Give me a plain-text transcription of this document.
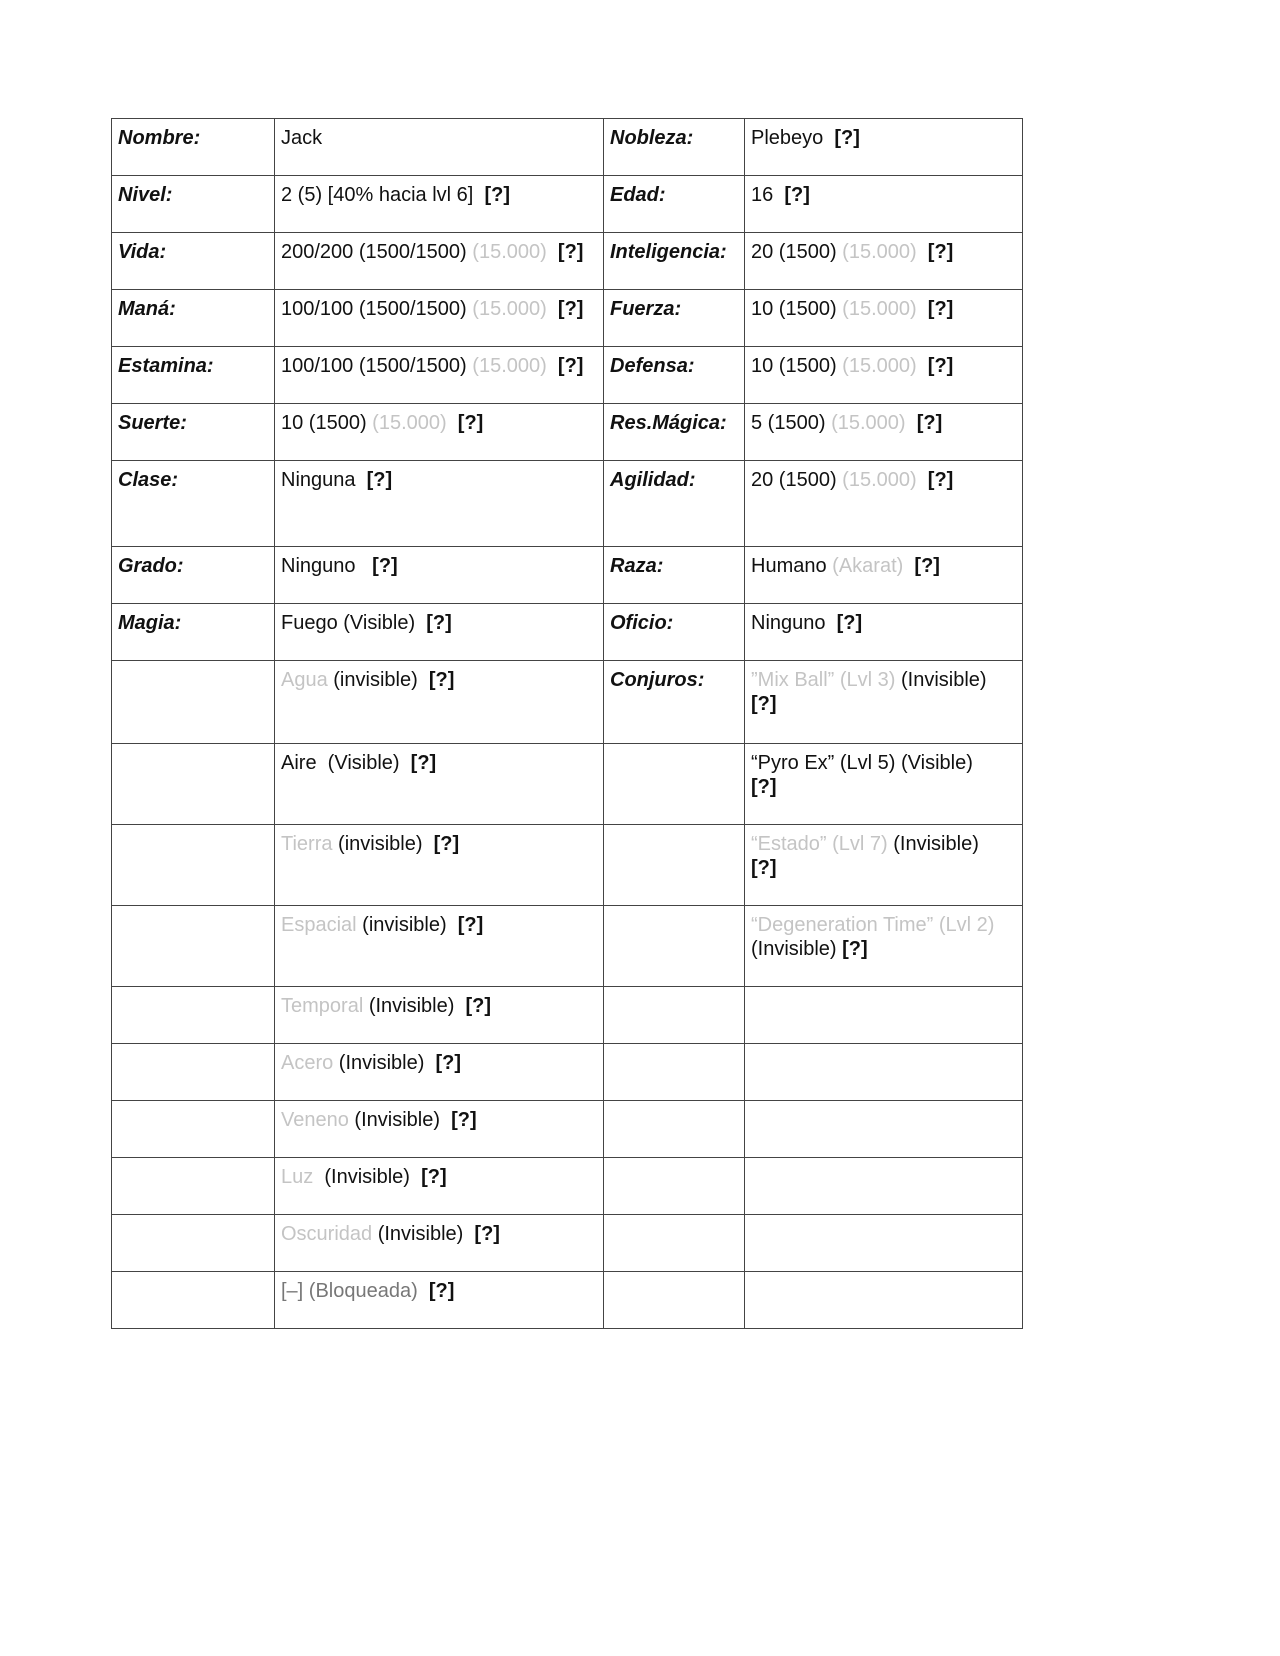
Nombre:	Jack	Nobleza:	Plebeyo  [?]
Nivel:	2 (5) [40% hacia lvl 6]  [?]	Edad:	16  [?]
Vida:	200/200 (1500/1500) (15.000) [?]	Inteligencia:	20 (1500) (15.000) [?]
Maná:	100/100 (1500/1500) (15.000) [?]	Fuerza:	10 (1500) (15.000) [?]
Estamina:	100/100 (1500/1500) (15.000) [?]	Defensa:	10 (1500) (15.000) [?]
Suerte:	10 (1500) (15.000) [?]	Res.Mágica:	5 (1500) (15.000) [?]
Clase:	Ninguna  [?]	Agilidad:	20 (1500) (15.000) [?]
Grado:	Ninguno   [?]	Raza:	Humano (Akarat) [?]
Magia:	Fuego (Visible)  [?]	Oficio:	Ninguno  [?]
	Agua (invisible)  [?]	Conjuros:	”Mix Ball” (Lvl 3) (Invisible)
[?]
	Aire  (Visible)  [?]		“Pyro Ex” (Lvl 5) (Visible)
[?]
	Tierra (invisible)  [?]		“Estado” (Lvl 7) (Invisible)
[?]
	Espacial (invisible)  [?]		“Degeneration Time” (Lvl 2)
(Invisible) [?]
	Temporal (Invisible)  [?]		
	Acero (Invisible)  [?]		
	Veneno (Invisible)  [?]		
	Luz  (Invisible)  [?]		
	Oscuridad (Invisible)  [?]		
	[–] (Bloqueada)  [?]		
